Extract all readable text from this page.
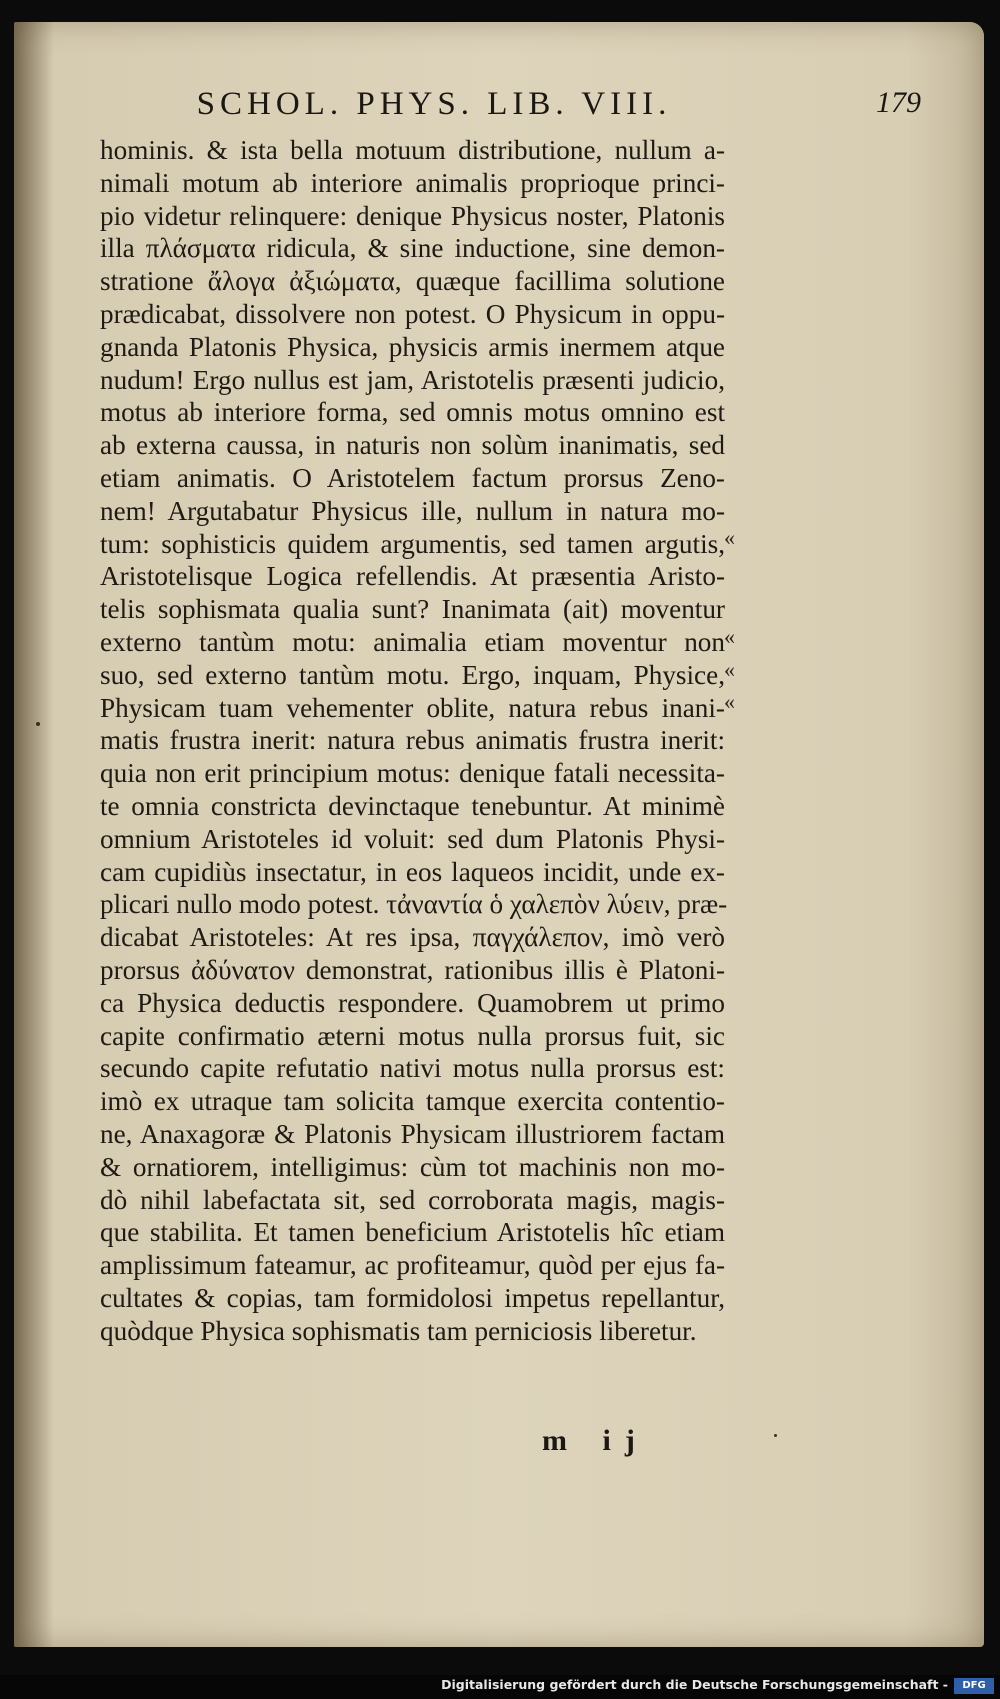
SCHOL. PHYS. LIB. VIII.	179
hominis. & ista bella motuum distributione, nullum a-
nimali motum ab interiore animalis proprioque princi-
pio videtur relinquere: denique Physicus noster, Platonis
illa πλάσματα ridicula, & sine inductione, sine demon-
stratione ἄλογα ἀξιώματα, quæque facillima solutione
prædicabat, dissolvere non potest. O Physicum in oppu-
gnanda Platonis Physica, physicis armis inermem atque
nudum! Ergo nullus est jam, Aristotelis præsenti judicio,
motus ab interiore forma, sed omnis motus omnino est
ab externa caussa, in naturis non solùm inanimatis, sed
etiam animatis. O Aristotelem factum prorsus Zeno-
nem! Argutabatur Physicus ille, nullum in natura mo-
tum: sophisticis quidem argumentis, sed tamen argutis,
Aristotelisque Logica refellendis. At præsentia Aristo-
telis sophismata qualia sunt? Inanimata (ait) moventur
externo tantùm motu: animalia etiam moventur non
suo, sed externo tantùm motu. Ergo, inquam, Physice,
Physicam tuam vehementer oblite, natura rebus inani-
matis frustra inerit: natura rebus animatis frustra inerit:
quia non erit principium motus: denique fatali necessita-
te omnia constricta devinctaque tenebuntur. At minimè
omnium Aristoteles id voluit: sed dum Platonis Physi-
cam cupidiùs insectatur, in eos laqueos incidit, unde ex-
plicari nullo modo potest. τἀναντία ὁ χαλεπὸν λύειν, præ-
dicabat Aristoteles: At res ipsa, παγχάλεπον, imò verò
prorsus ἀδύνατον demonstrat, rationibus illis è Platoni-
ca Physica deductis respondere. Quamobrem ut primo
capite confirmatio æterni motus nulla prorsus fuit, sic
secundo capite refutatio nativi motus nulla prorsus est:
imò ex utraque tam solicita tamque exercita contentio-
ne, Anaxagoræ & Platonis Physicam illustriorem factam
& ornatiorem, intelligimus: cùm tot machinis non mo-
dò nihil labefactata sit, sed corroborata magis, magis-
que stabilita. Et tamen beneficium Aristotelis hîc etiam
amplissimum fateamur, ac profiteamur, quòd per ejus fa-
cultates & copias, tam formidolosi impetus repellantur,
quòdque Physica sophismatis tam perniciosis liberetur.
«
«
«
«
m ij
Digitalisierung gefördert durch die Deutsche Forschungsgemeinschaft -	DFG
